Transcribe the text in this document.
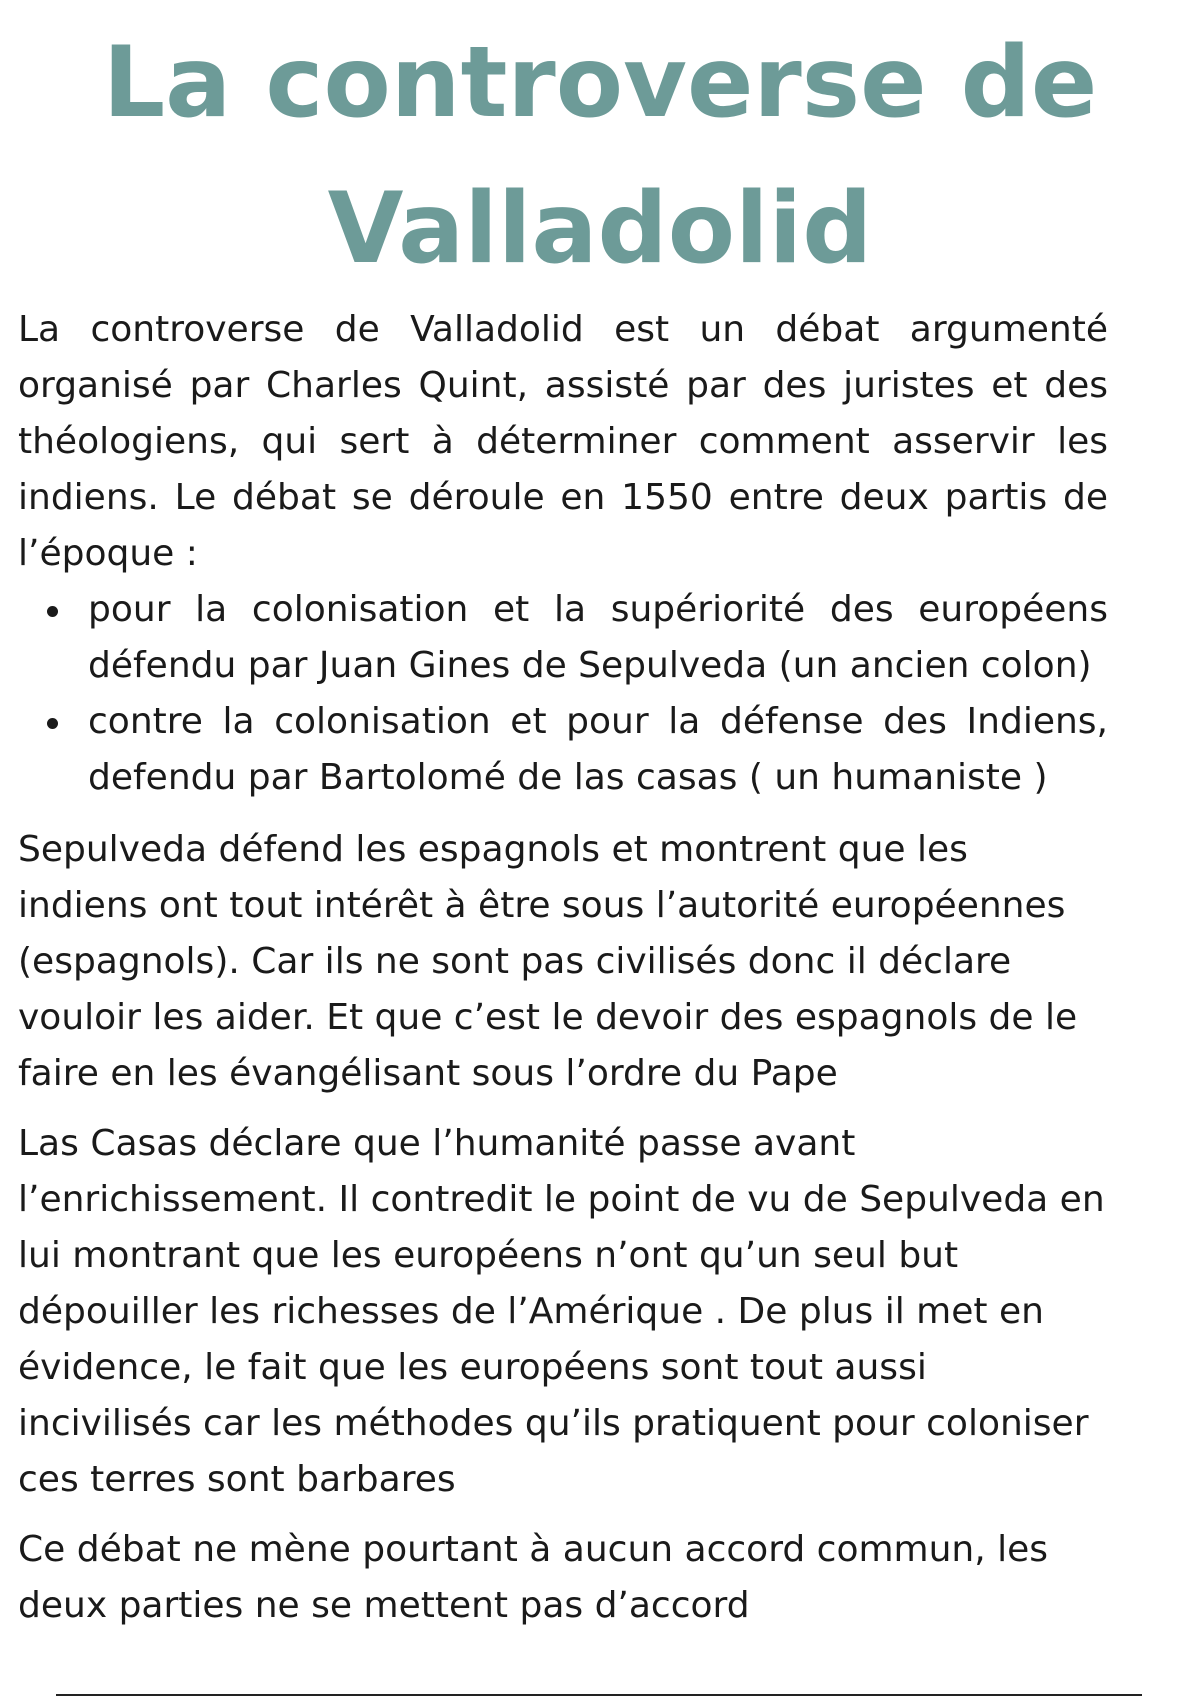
La controverse de
Valladolid

La controverse de Valladolid est un débat argumenté organisé par Charles Quint, assisté par des juristes et des théologiens, qui sert à déterminer comment asservir les indiens. Le débat se déroule en 1550 entre deux partis de l’époque :

pour la colonisation et la supériorité des européens défendu par Juan Gines de Sepulveda (un ancien colon)
contre la colonisation et pour la défense des Indiens, defendu par Bartolomé de las casas ( un humaniste )

Sepulveda défend les espagnols et montrent que les indiens ont tout intérêt à être sous l’autorité européennes (espagnols). Car ils ne sont pas civilisés donc il déclare vouloir les aider. Et que c’est le devoir des espagnols de le faire en les évangélisant sous l’ordre du Pape

Las Casas déclare que l’humanité passe avant l’enrichissement. Il contredit le point de vu de Sepulveda en lui montrant que les européens n’ont qu’un seul but dépouiller les richesses de l’Amérique . De plus il met en évidence, le fait que les européens sont tout aussi incivilisés car les méthodes qu’ils pratiquent pour coloniser ces terres sont barbares

Ce débat ne mène pourtant à aucun accord commun, les deux parties ne se mettent pas d’accord
